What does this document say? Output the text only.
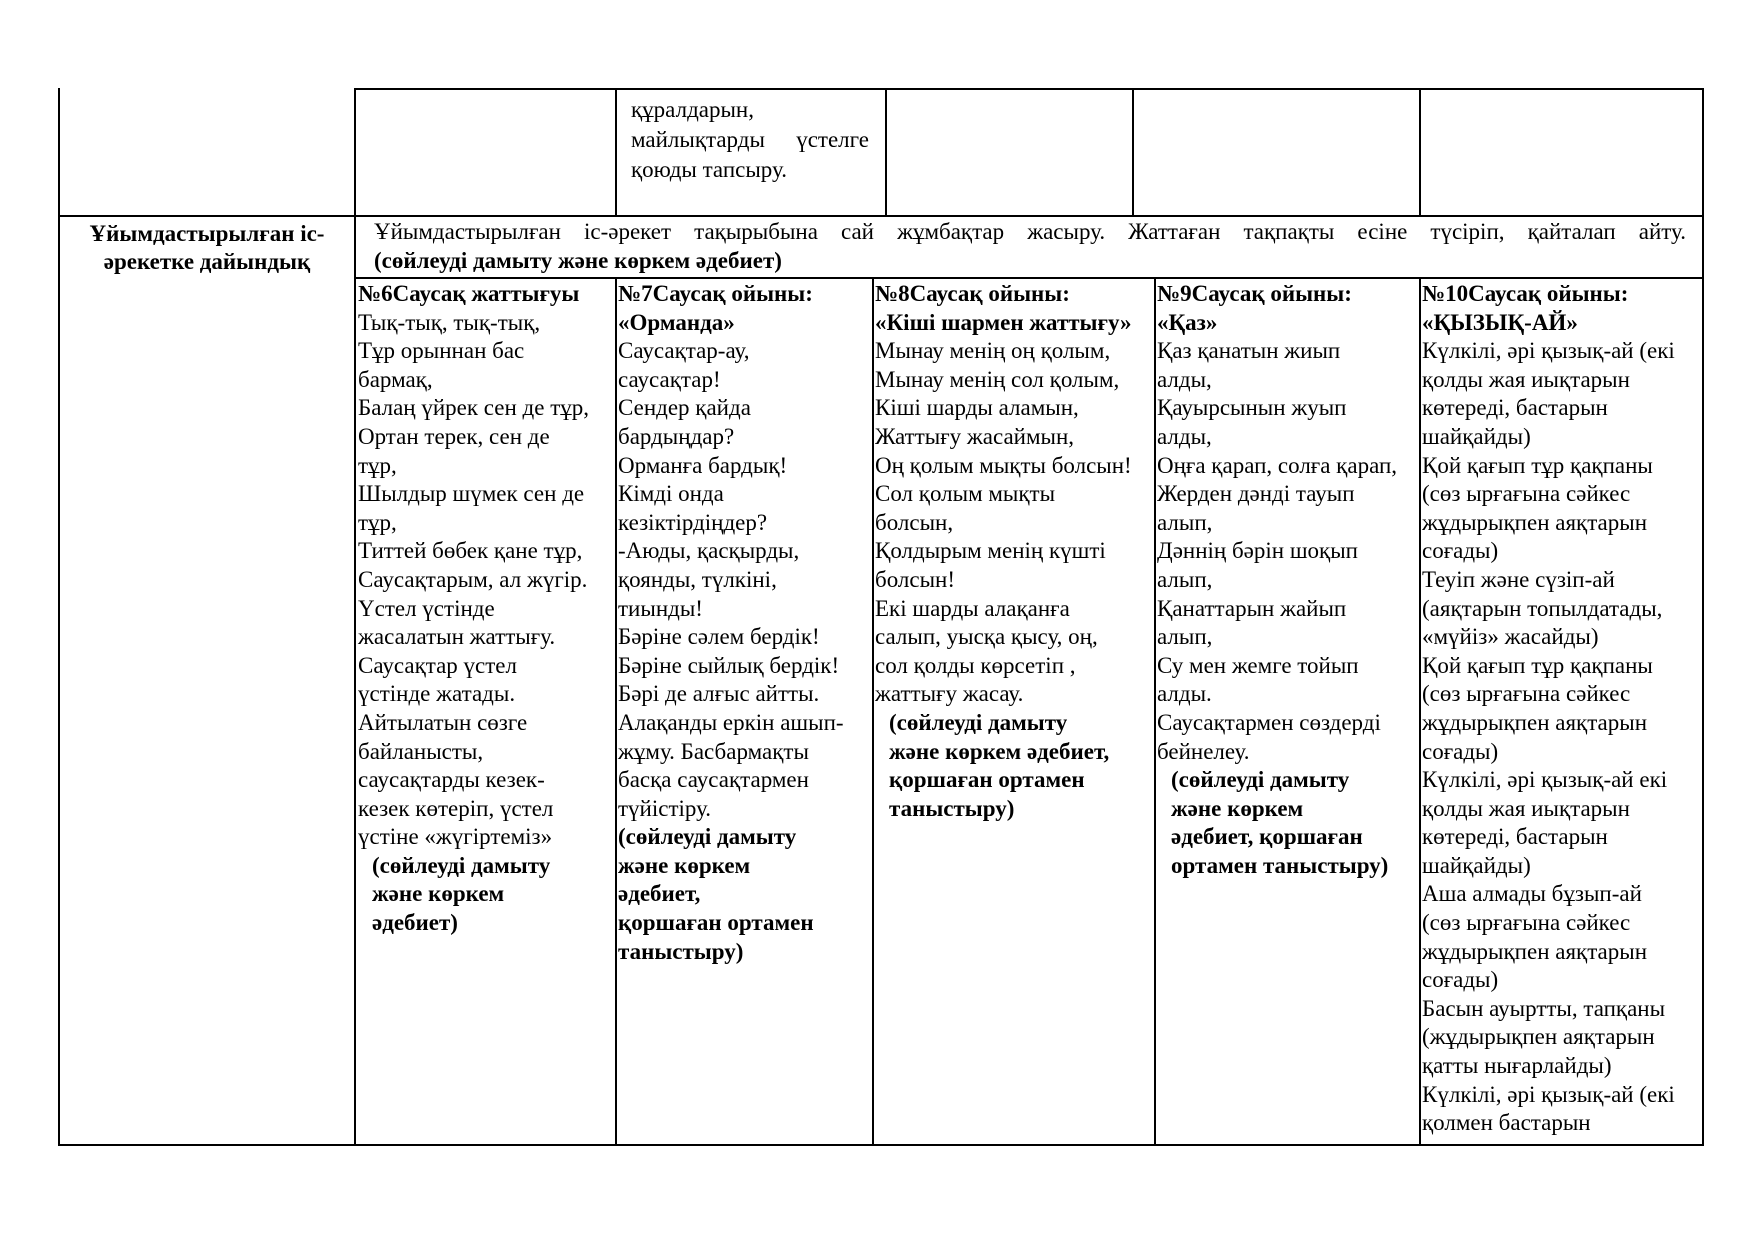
құралдарын,
майлықтарды үстелге
қоюды тапсыру.
Ұйымдастырылған іс-
әрекетке дайындық
Ұйымдастырылған іс-әрекет тақырыбына сай жұмбақтар жасыру. Жаттаған тақпақты есіне түсіріп, қайталап айту.
(сөйлеуді дамыту және көркем әдебиет)
№6Саусақ жаттығуы
Тық-тық, тық-тық,
Тұр орыннан бас
бармақ,
Балаң үйрек сен де тұр,
Ортан терек, сен де
тұр,
Шылдыр шүмек сен де
тұр,
Титтей бөбек қане тұр,
Саусақтарым, ал жүгір.
Үстел үстінде
жасалатын жаттығу.
Саусақтар үстел
үстінде жатады.
Айтылатын сөзге
байланысты,
саусақтарды кезек-
кезек көтеріп, үстел
үстіне «жүгіртеміз»
(сөйлеуді дамыту
және көркем
әдебиет)
№7Саусақ ойыны:
«Орманда»
Саусақтар-ау,
саусақтар!
Сендер қайда
бардыңдар?
Орманға бардық!
Кімді онда
кезіктірдіңдер?
-Аюды, қасқырды,
қоянды, түлкіні,
тиынды!
Бәріне сәлем бердік!
Бәріне сыйлық бердік!
Бәрі де алғыс айтты.
Алақанды еркін ашып-
жұму. Басбармақты
басқа саусақтармен
түйістіру.
(сөйлеуді дамыту
және көркем
әдебиет,
қоршаған ортамен
таныстыру)
№8Саусақ ойыны:
«Кіші шармен жаттығу»
Мынау менің оң қолым,
Мынау менің сол қолым,
Кіші шарды аламын,
Жаттығу жасаймын,
Оң қолым мықты болсын!
Сол қолым мықты
болсын,
Қолдырым менің күшті
болсын!
Екі шарды алақанға
салып, уысқа қысу, оң,
сол қолды көрсетіп ,
жаттығу жасау.
(сөйлеуді дамыту
және көркем әдебиет,
қоршаған ортамен
таныстыру)
№9Саусақ ойыны:
«Қаз»
Қаз қанатын жиып
алды,
Қауырсынын жуып
алды,
Оңға қарап, солға қарап,
Жерден дәнді тауып
алып,
Дәннің бәрін шоқып
алып,
Қанаттарын жайып
алып,
Су мен жемге тойып
алды.
Саусақтармен сөздерді
бейнелеу.
(сөйлеуді дамыту
және көркем
әдебиет, қоршаған
ортамен таныстыру)
№10Саусақ ойыны:
«ҚЫЗЫҚ-АЙ»
Күлкілі, әрі қызық-ай (екі
қолды жая иықтарын
көтереді, бастарын
шайқайды)
Қой қағып тұр қақпаны
(сөз ырғағына сәйкес
жұдырықпен аяқтарын
соғады)
Теуіп және сүзіп-ай
(аяқтарын топылдатады,
«мүйіз» жасайды)
Қой қағып тұр қақпаны
(сөз ырғағына сәйкес
жұдырықпен аяқтарын
соғады)
Күлкілі, әрі қызық-ай екі
қолды жая иықтарын
көтереді, бастарын
шайқайды)
Аша алмады бұзып-ай
(сөз ырғағына сәйкес
жұдырықпен аяқтарын
соғады)
Басын ауыртты, тапқаны
(жұдырықпен аяқтарын
қатты нығарлайды)
Күлкілі, әрі қызық-ай (екі
қолмен бастарын
